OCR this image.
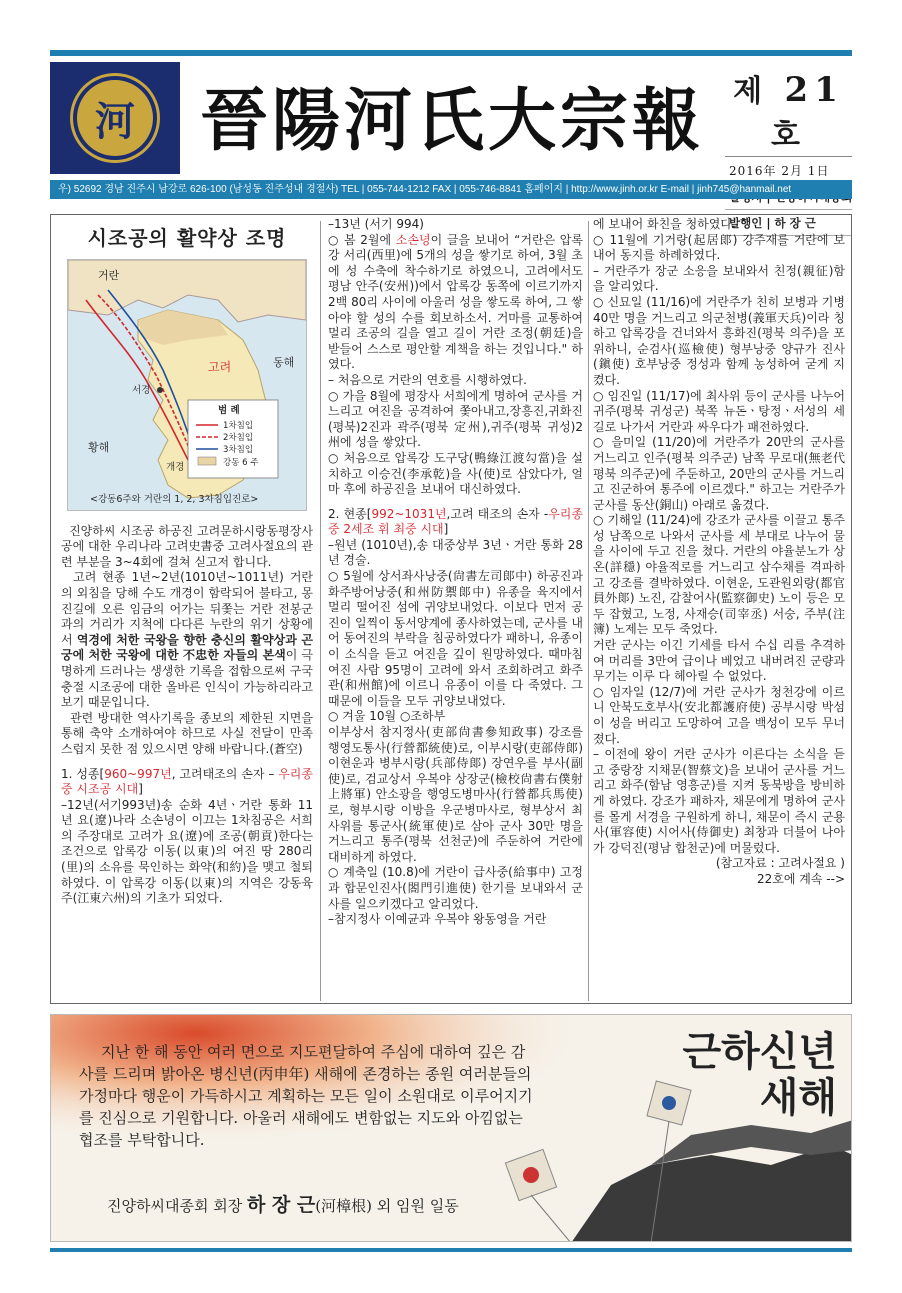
河 晉陽河氏大宗報 제 21 호
2016年 2月 1日
발행인 | 하 장 근
우) 52692 경남 진주시 남강로 626-100 (남성동 진주성내 경절사) TEL | 055-744-1212 FAX | 055-746-8841 홈페이지 | http://www.jinh.or.kr E-mail | jinh745@hanmail.net
시조공의 활약상 조명
거란
동해
고려
황해
서경
개경
범 례
1차침입
2차침입
3차침입
강동 6 주
<강동6주와 거란의 1, 2, 3차침입진로>

진양하씨 시조공 하공진 고려문하시랑동평장사공에 대한 우리나라 고려史書중 고려사절요의 관련 부분을 3~4회에 걸쳐 싣고저 합니다.

고려 현종 1년~2년(1010년~1011년) 거란의 외침을 당해 수도 개경이 함락되어 불타고, 몽진길에 오른 임금의 어가는 뒤쫓는 거란 전봉군과의 거리가 지척에 다다른 누란의 위기 상황에서 역경에 처한 국왕을 향한 충신의 활약상과 곤궁에 처한 국왕에 대한 不忠한 자들의 본색이 극명하게 드러나는 생생한 기록을 접함으로써 구국충절 시조공에 대한 올바른 인식이 가능하리라고 보기 때문입니다.

관련 방대한 역사기록을 종보의 제한된 지면을 통해 축약 소개하여야 하므로 사실 전달이 만족스럽지 못한 점 있으시면 양해 바랍니다.(蒼空)

1. 성종[960~997년, 고려태조의 손자 – 우리종중 시조공 시대]

–12년(서기993년)송 순화 4년ㆍ거란 통화 11년 요(遼)나라 소손녕이 이끄는 1차침공은 서희의 주장대로 고려가 요(遼)에 조공(朝貢)한다는 조건으로 압록강 이동(以東)의 여진 땅 280리(里)의 소유를 묵인하는 화약(和約)을 맺고 철퇴하였다. 이 압록강 이동(以東)의 지역은 강동육주(江東六州)의 기초가 되었다.

–13년 (서기 994)

○ 봄 2월에 소손녕이 글을 보내어 “거란은 압록강 서리(西里)에 5개의 성을 쌓기로 하여, 3월 초에 성 수축에 착수하기로 하였으니, 고려에서도 평남 안주(安州))에서 압록강 동쪽에 이르기까지 2백 80리 사이에 아울러 성을 쌓도록 하여, 그 쌓아야 할 성의 수를 회보하소서. 거마를 교통하여 멀리 조공의 길을 열고 길이 거란 조정(朝廷)을 받들어 스스로 평안할 계책을 하는 것입니다." 하였다.

– 처음으로 거란의 연호를 시행하였다.

○ 가을 8월에 평장사 서희에게 명하여 군사를 거느리고 여진을 공격하여 쫓아내고,장흥진,귀화진(평북)2진과 곽주(평북 定州),귀주(평북 귀성)2州에 성을 쌓았다.

○ 처음으로 압록강 도구당(鴨綠江渡勾當)을 설치하고 이승건(李承乾)을 사(使)로 삼았다가, 얼마 후에 하공진을 보내어 대신하였다.

2. 현종[992~1031년,고려 태조의 손자 -우리종중 2세조 휘 최중 시대]

–원년 (1010년),송 대중상부 3년ㆍ거란 통화 28년 경술.

○ 5월에 상서좌사낭중(尙書左司郞中) 하공진과 화주방어낭중(和州防禦郞中) 유종을 육지에서 멀리 떨어진 섬에 귀양보내었다. 이보다 먼저 공진이 일찍이 동서양계에 종사하였는데, 군사를 내어 동여진의 부락을 침공하였다가 패하니, 유종이 이 소식을 듣고 여진을 깊이 원망하였다. 때마침 여진 사람 95명이 고려에 와서 조회하려고 화주관(和州館)에 이르니 유종이 이를 다 죽였다. 그 때문에 이들을 모두 귀양보내었다.

○ 겨울 10월 ○조하부

이부상서 참지정사(吏部尙書參知政事) 강조를 행영도통사(行營都統使)로, 이부시랑(吏部侍郞) 이현운과 병부시랑(兵部侍郞) 장연우를 부사(副使)로, 검교상서 우복야 상장군(檢校尙書右僕射上將軍) 안소광을 행영도병마사(行營都兵馬使)로, 형부시랑 이방을 우군병마사로, 형부상서 최사위를 통군사(統軍使)로 삼아 군사 30만 명을 거느리고 통주(평북 선천군)에 주둔하여 거란에 대비하게 하였다.

○ 계축일 (10.8)에 거란이 급사중(給事中) 고정과 합문인진사(閤門引進使) 한기를 보내와서 군사를 일으키겠다고 알리었다.

–참지정사 이예균과 우복야 왕동영을 거란

에 보내어 화친을 청하였다.

○ 11월에 기거랑(起居郞) 강주재를 거란에 보내어 동지를 하례하였다.

– 거란주가 장군 소응을 보내와서 친정(親征)함을 알리었다.

○ 신묘일 (11/16)에 거란주가 친히 보병과 기병 40만 명을 거느리고 의군천병(義軍天兵)이라 칭하고 압록강을 건너와서 흥화진(평북 의주)을 포위하니, 순검사(巡檢使) 형부낭중 양규가 진사(鎭使) 호부낭중 정성과 함께 농성하여 굳게 지켰다.

○ 임진일 (11/17)에 최사위 등이 군사를 나누어 귀주(평북 귀성군) 북쪽 뉴돈ㆍ탕정ㆍ서성의 세 길로 나가서 거란과 싸우다가 패전하였다.

○ 을미일 (11/20)에 거란주가 20만의 군사를 거느리고 인주(평북 의주군) 남쪽 무로대(無老代 평북 의주군)에 주둔하고, 20만의 군사를 거느리고 진군하여 통주에 이르겠다." 하고는 거란주가 군사를 동산(銅山) 아래로 옮겼다.

○ 기해일 (11/24)에 강조가 군사를 이끌고 통주성 남쪽으로 나와서 군사를 세 부대로 나누어 물을 사이에 두고 진을 쳤다. 거란의 야율분노가 상온(詳穩) 야율적로를 거느리고 삼수채를 격파하고 강조를 결박하였다. 이현운, 도관원외랑(都官員外郞) 노진, 감찰어사(監察御史) 노이 등은 모두 잡혔고, 노정, 사재승(司宰丞) 서숭, 주부(注簿) 노제는 모두 죽었다.

거란 군사는 이긴 기세를 타서 수십 리를 추격하여 머리를 3만여 급이나 베었고 내버려진 군량과 무기는 이루 다 헤아릴 수 없었다.

○ 임자일 (12/7)에 거란 군사가 청천강에 이르니 안북도호부사(安北都護府使) 공부시랑 박섬이 성을 버리고 도망하여 고을 백성이 모두 무너졌다.

– 이전에 왕이 거란 군사가 이른다는 소식을 듣고 중랑장 지채문(智蔡文)을 보내어 군사를 거느리고 화주(함남 영흥군)를 지켜 동북방을 방비하게 하였다. 강조가 패하자, 채문에게 명하여 군사를 몰게 서경을 구원하게 하니, 채문이 즉시 군용사(軍容使) 시어사(侍御史) 최창과 더불어 나아가 강덕진(평남 합천군)에 머물렀다.

(참고자료 : 고려사절요 )

22호에 계속 -->

지난 한 해 동안 여러 면으로 지도편달하여 주심에 대하여 깊은 감사를 드리며 밝아온 병신년(丙申年) 새해에 존경하는 종원 여러분들의 가정마다 행운이 가득하시고 계획하는 모든 일이 소원대로 이루어지기를 진심으로 기원합니다. 아울러 새해에도 변함없는 지도와 아낌없는 협조를 부탁합니다.

진양하씨대종회 회장 하 장 근(河樟根) 외 임원 일동
근하신년 새해
